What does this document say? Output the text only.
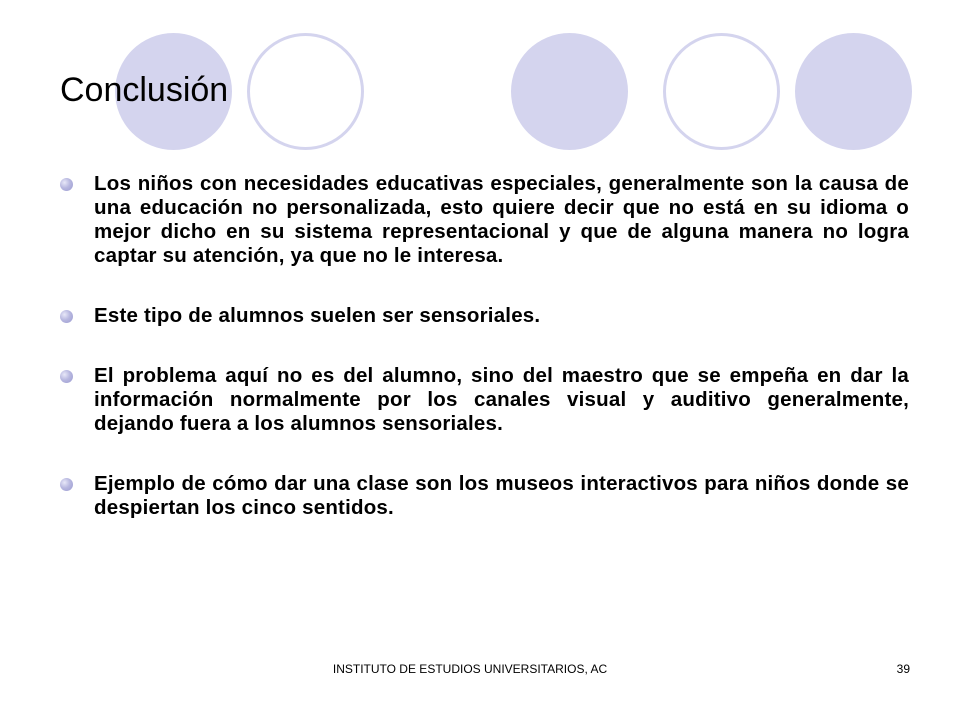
Conclusión
Los niños con necesidades educativas especiales, generalmente son la causa de una educación no personalizada, esto quiere decir que no está en su idioma o mejor dicho en su sistema representacional y que de alguna manera no logra captar su atención, ya que no le interesa.
Este tipo de alumnos suelen ser sensoriales.
El problema aquí no es del alumno, sino del maestro que se empeña en dar la información normalmente por los canales visual y auditivo generalmente, dejando fuera a los alumnos sensoriales.
Ejemplo de cómo dar una clase son los museos interactivos para niños donde se despiertan los cinco sentidos.
INSTITUTO DE ESTUDIOS UNIVERSITARIOS, AC	39
